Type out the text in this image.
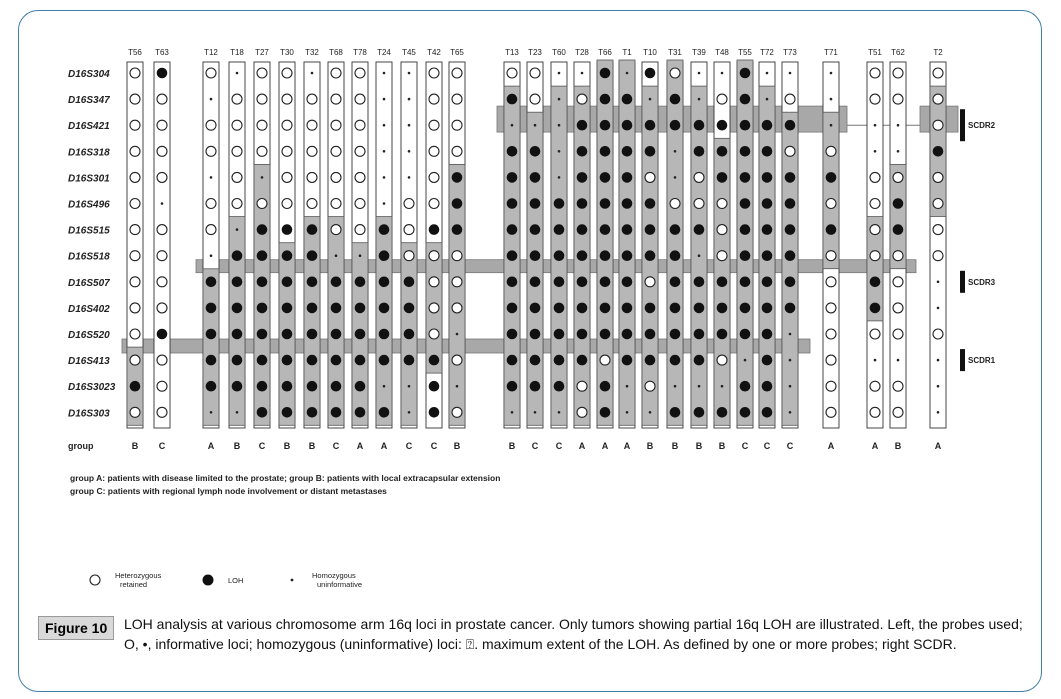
T56
B
T63
C
T12
A
T18
B
T27
C
T30
B
T32
B
T68
C
T78
A
T24
A
T45
C
T42
C
T65
B
T13
B
T23
C
T60
C
T28
A
T66
A
T1
A
T10
B
T31
B
T39
B
T48
B
T55
C
T72
C
T73
C
T71
A
T51
A
T62
B
T2
A
D16S304
D16S347
D16S421
D16S318
D16S301
D16S496
D16S515
D16S518
D16S507
D16S402
D16S520
D16S413
D16S3023
D16S303
SCDR2
SCDR3
SCDR1
group
group A: patients with disease limited to the prostate; group B: patients with local extracapsular extension
group C: patients with regional lymph node involvement or distant metastases
Heterozygous
retained	LOH
Homozygous
uninformative
Figure 10	LOH analysis at various chromosome arm 16q loci in prostate cancer. Only tumors showing partial 16q LOH are illustrated. Left, the probes used; O, •, informative loci; homozygous (uninformative) loci: ⍰. maximum extent of the LOH. As defined by one or more probes; right SCDR.
